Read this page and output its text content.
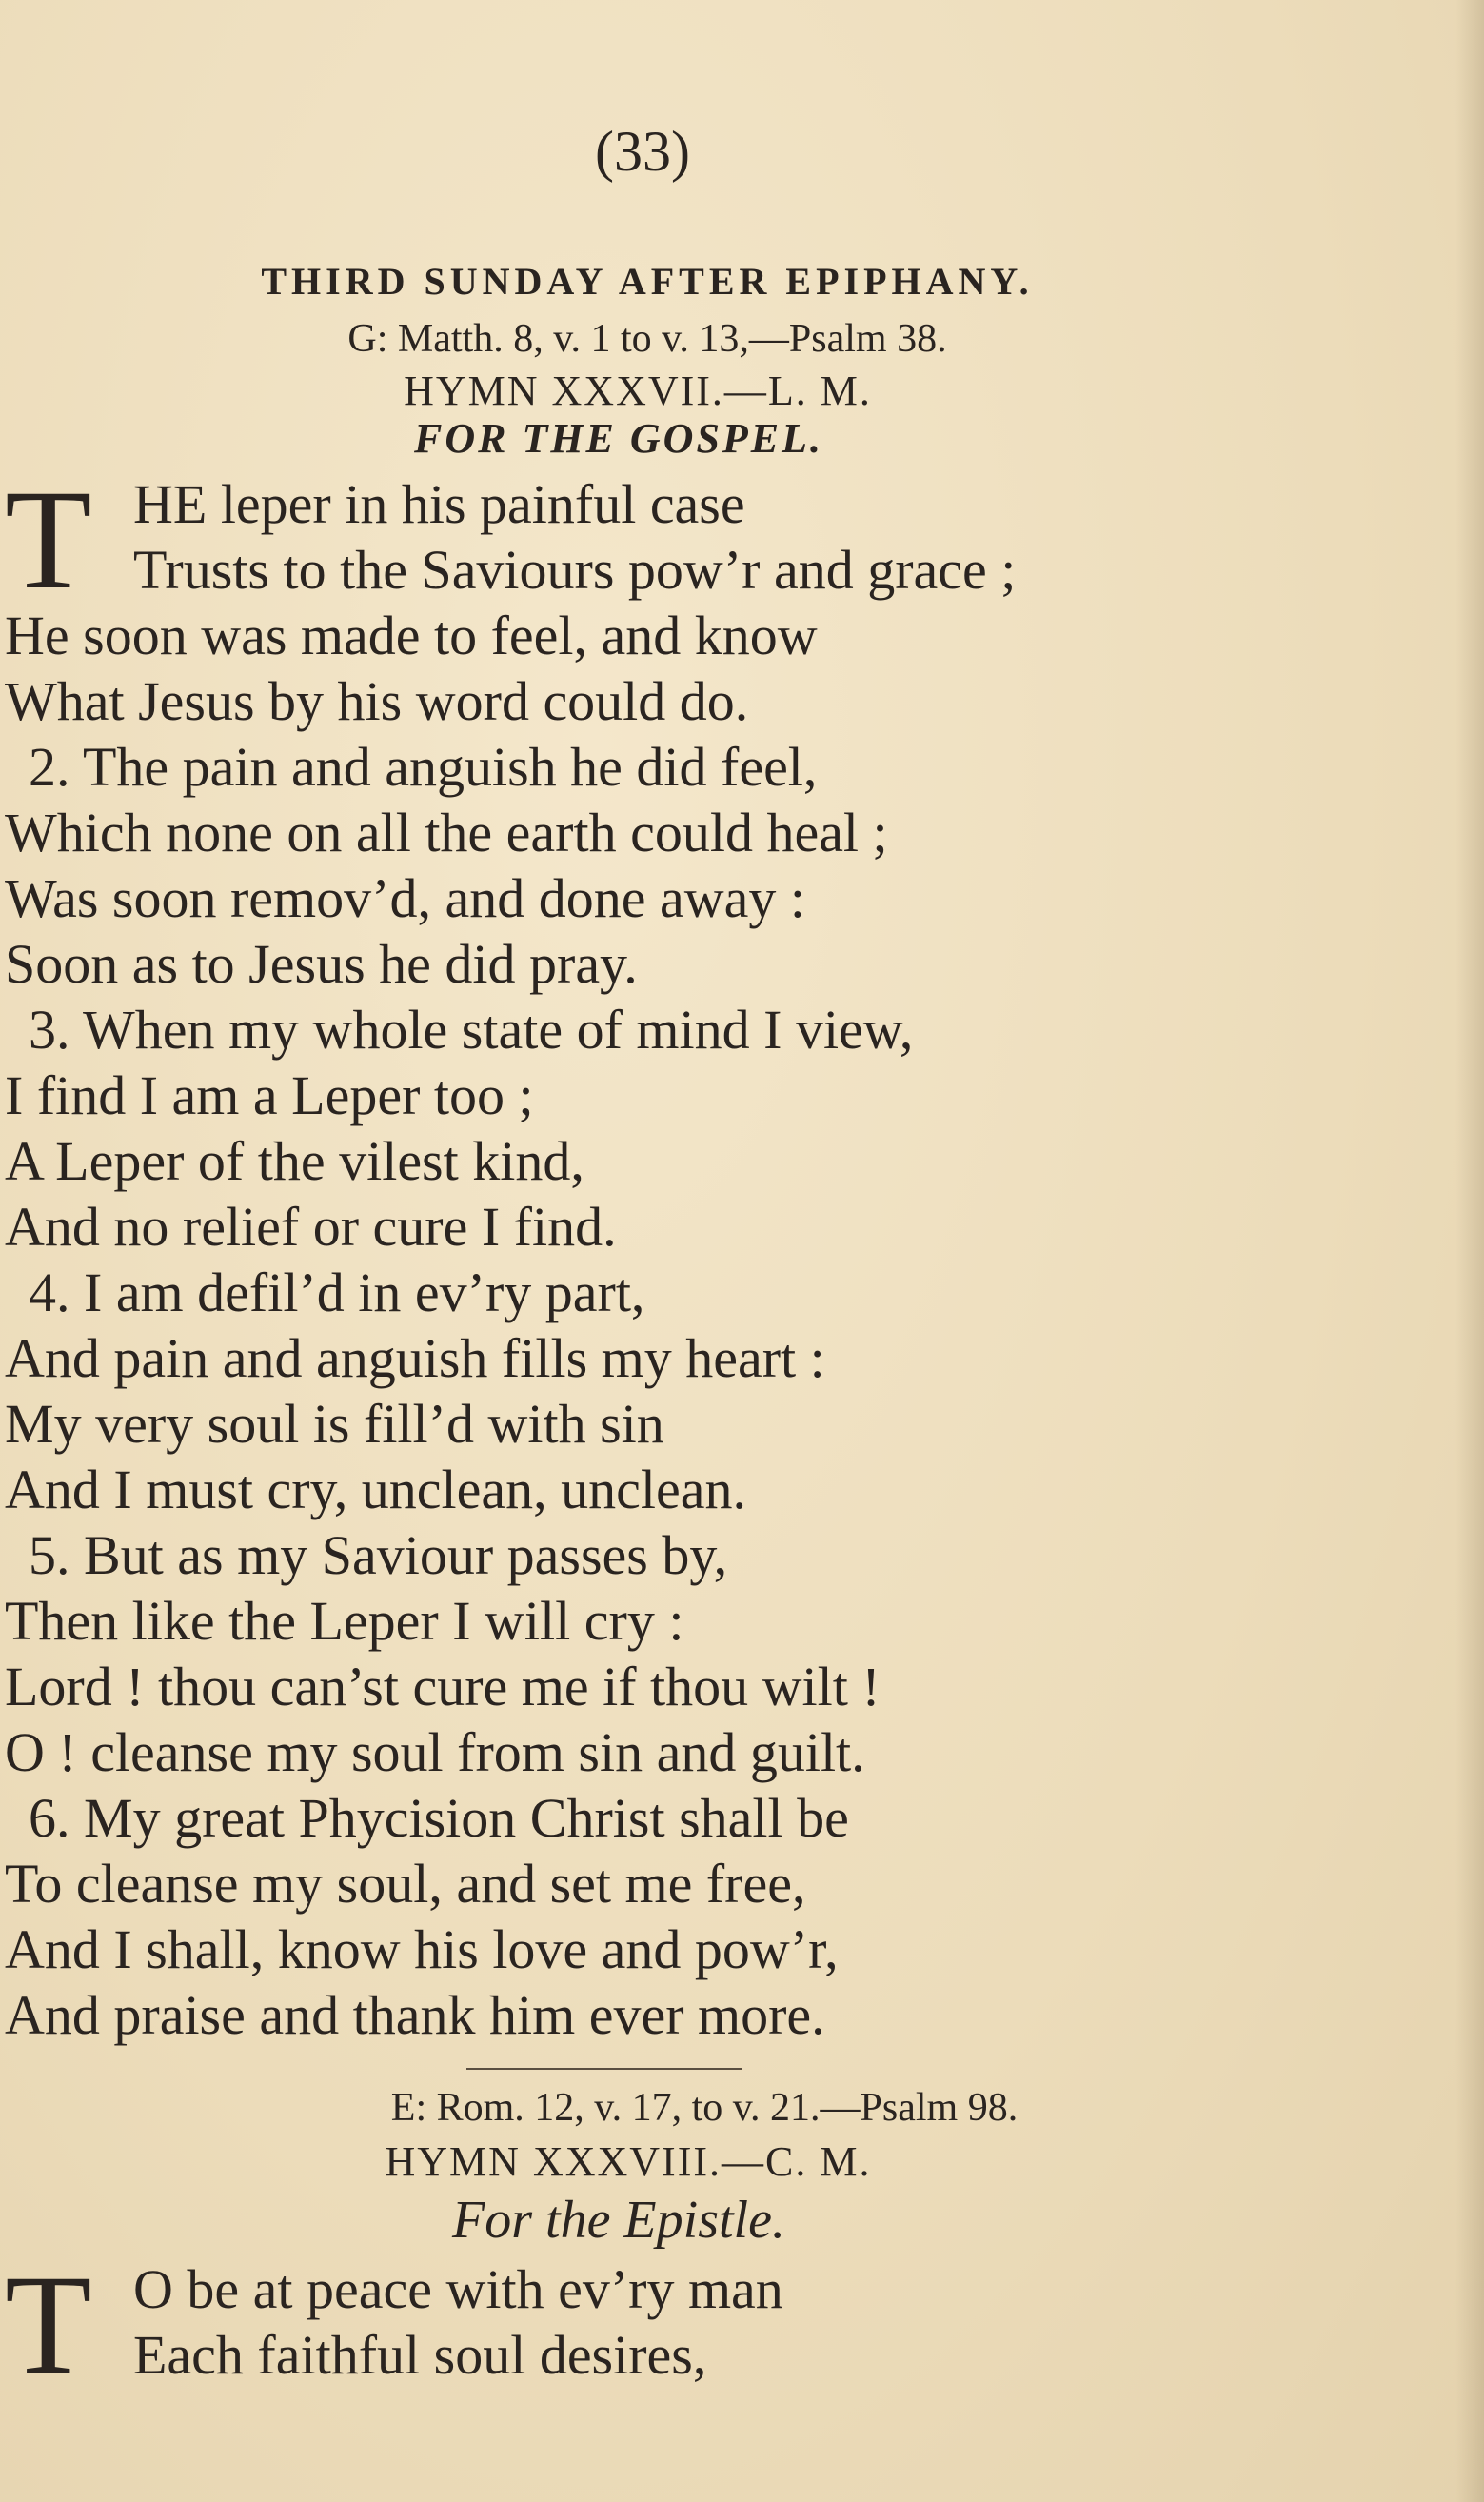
(33)
THIRD SUNDAY AFTER EPIPHANY.
G: Matth. 8, v. 1 to v. 13,—Psalm 38.
HYMN XXXVII.—L. M.
FOR THE GOSPEL.
T HE leper in his painful case
Trusts to the Saviours pow’r and grace ;
He soon was made to feel, and know
What Jesus by his word could do.
2. The pain and anguish he did feel,
Which none on all the earth could heal ;
Was soon remov’d, and done away :
Soon as to Jesus he did pray.
3. When my whole state of mind I view,
I find I am a Leper too ;
A Leper of the vilest kind,
And no relief or cure I find.
4. I am defil’d in ev’ry part,
And pain and anguish fills my heart :
My very soul is fill’d with sin
And I must cry, unclean, unclean.
5. But as my Saviour passes by,
Then like the Leper I will cry :
Lord ! thou can’st cure me if thou wilt !
O ! cleanse my soul from sin and guilt.
6. My great Phycision Christ shall be
To cleanse my soul, and set me free,
And I shall, know his love and pow’r,
And praise and thank him ever more.
E: Rom. 12, v. 17, to v. 21.—Psalm 98.
HYMN XXXVIII.—C. M.
For the Epistle.
T O be at peace with ev’ry man
Each faithful soul desires,
